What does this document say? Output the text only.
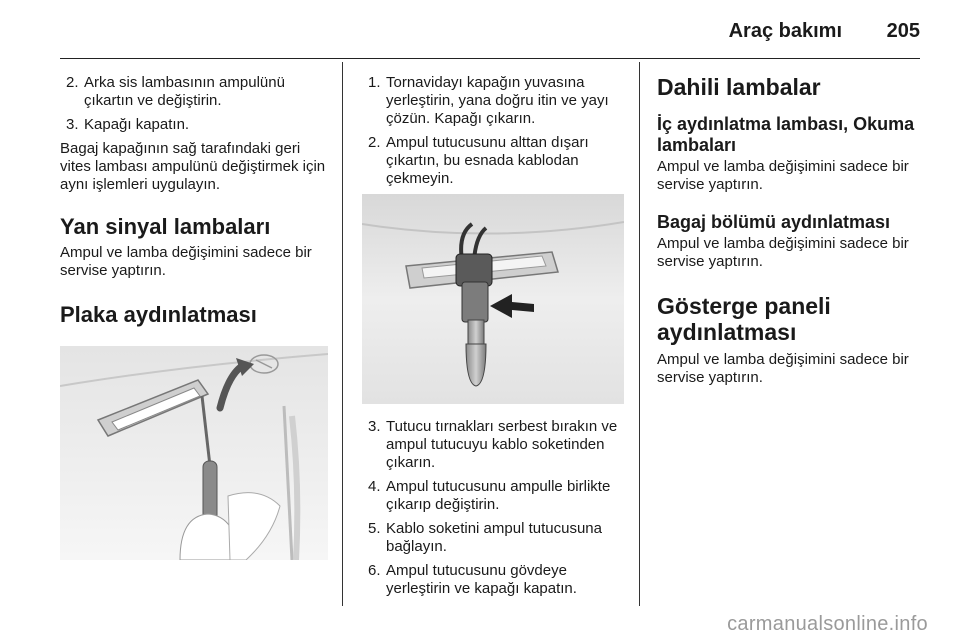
Araç bakımı 205
2. Arka sis lambasının ampulünü çıkartın ve değiştirin.
3. Kapağı kapatın.

Bagaj kapağının sağ tarafındaki geri vites lambası ampulünü değiştirmek için aynı işlemleri uygulayın.

Yan sinyal lambaları

Ampul ve lamba değişimini sadece bir servise yaptırın.

Plaka aydınlatması
1. Tornavidayı kapağın yuvasına yerleştirin, yana doğru itin ve yayı çözün. Kapağı çıkarın.
2. Ampul tutucusunu alttan dışarı çıkartın, bu esnada kablodan çekmeyin.
3. Tutucu tırnakları serbest bırakın ve ampul tutucuyu kablo soketinden çıkarın.
4. Ampul tutucusunu ampulle birlikte çıkarıp değiştirin.
5. Kablo soketini ampul tutucusuna bağlayın.
6. Ampul tutucusunu gövdeye yerleştirin ve kapağı kapatın.
Dahili lambalar
İç aydınlatma lambası, Okuma lambaları

Ampul ve lamba değişimini sadece bir servise yaptırın.

Bagaj bölümü aydınlatması

Ampul ve lamba değişimini sadece bir servise yaptırın.

Gösterge paneli aydınlatması

Ampul ve lamba değişimini sadece bir servise yaptırın.

carmanualsonline.info
